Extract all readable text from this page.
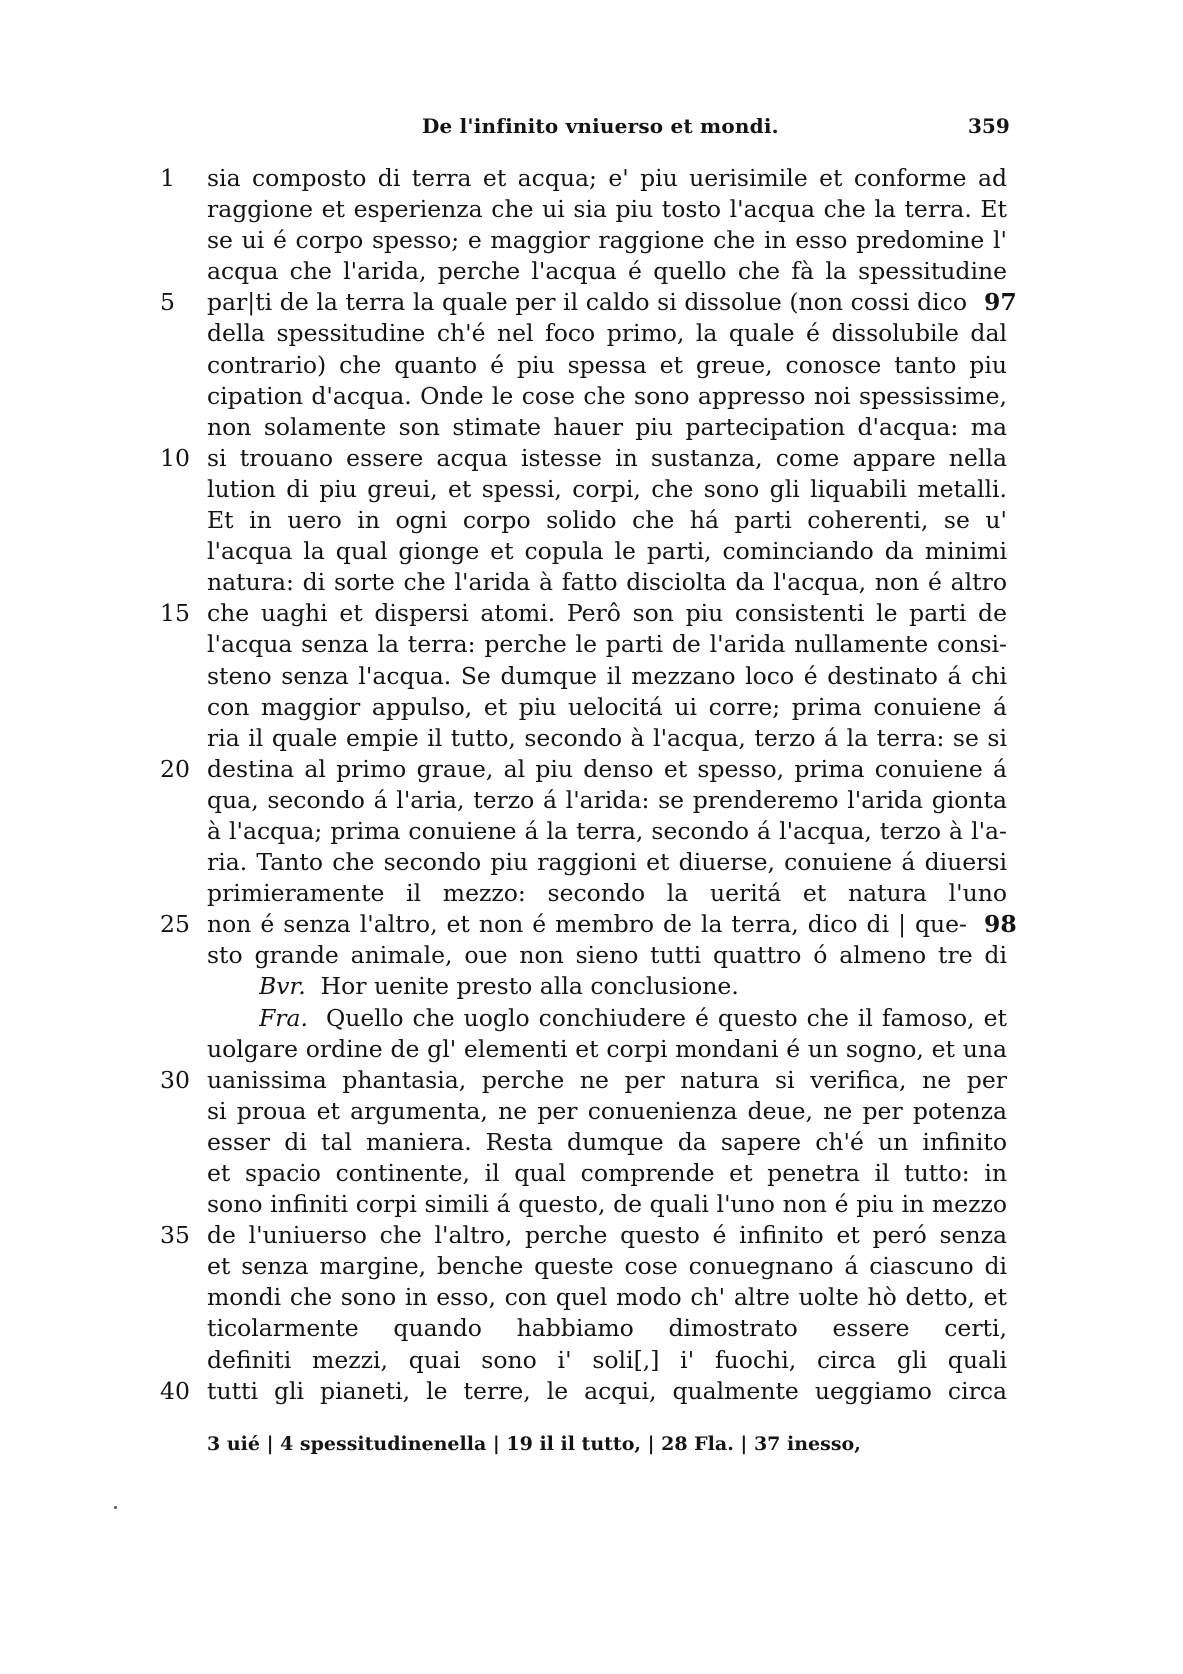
De l'infinito vniuerso et mondi.	359
1	sia composto di terra et acqua; e' piu uerisimile et conforme ad
raggione et esperienza che ui sia piu tosto l'acqua che la terra. Et
se ui é corpo spesso; e maggior raggione che in esso predomine l'
acqua che l'arida, perche l'acqua é quello che fà la spessitudine
5	par|ti de la terra la quale per il caldo si dissolue (non cossi dico 97
della spessitudine ch'é nel foco primo, la quale é dissolubile dal
contrario) che quanto é piu spessa et greue, conosce tanto piu
cipation d'acqua. Onde le cose che sono appresso noi spessissime,
non solamente son stimate hauer piu partecipation d'acqua: ma
10 si trouano essere acqua istesse in sustanza, come appare nella
lution di piu greui, et spessi, corpi, che sono gli liquabili metalli.
Et in uero in ogni corpo solido che há parti coherenti, se u'
l'acqua la qual gionge et copula le parti, cominciando da minimi
natura: di sorte che l'arida à fatto disciolta da l'acqua, non é altro
15 che uaghi et dispersi atomi. Perô son piu consistenti le parti de
l'acqua senza la terra: perche le parti de l'arida nullamente consi-
steno senza l'acqua. Se dumque il mezzano loco é destinato á chi
con maggior appulso, et piu uelocitá ui corre; prima conuiene á
ria il quale empie il tutto, secondo à l'acqua, terzo á la terra: se si
20 destina al primo graue, al piu denso et spesso, prima conuiene á
qua, secondo á l'aria, terzo á l'arida: se prenderemo l'arida gionta
à l'acqua; prima conuiene á la terra, secondo á l'acqua, terzo à l'a-
ria. Tanto che secondo piu raggioni et diuerse, conuiene á diuersi
primieramente il mezzo: secondo la ueritá et natura l'uno
25 non é senza l'altro, et non é membro de la terra, dico di | que- 98
sto grande animale, oue non sieno tutti quattro ó almeno tre di
Bvr. Hor uenite presto alla conclusione.
Fra. Quello che uoglo conchiudere é questo che il famoso, et
uolgare ordine de gl' elementi et corpi mondani é un sogno, et una
30 uanissima phantasia, perche ne per natura si verifica, ne per
si proua et argumenta, ne per conuenienza deue, ne per potenza
esser di tal maniera. Resta dumque da sapere ch'é un infinito
et spacio continente, il qual comprende et penetra il tutto: in
sono infiniti corpi simili á questo, de quali l'uno non é piu in mezzo
35 de l'uniuerso che l'altro, perche questo é infinito et peró senza
et senza margine, benche queste cose conuegnano á ciascuno di
mondi che sono in esso, con quel modo ch' altre uolte hò detto, et
ticolarmente quando habbiamo dimostrato essere certi,
definiti mezzi, quai sono i' soli[,] i' fuochi, circa gli quali
40 tutti gli pianeti, le terre, le acqui, qualmente ueggiamo circa
3 uié | 4 spessitudinenella | 19 il il tutto, | 28 Fla. | 37 inesso,
